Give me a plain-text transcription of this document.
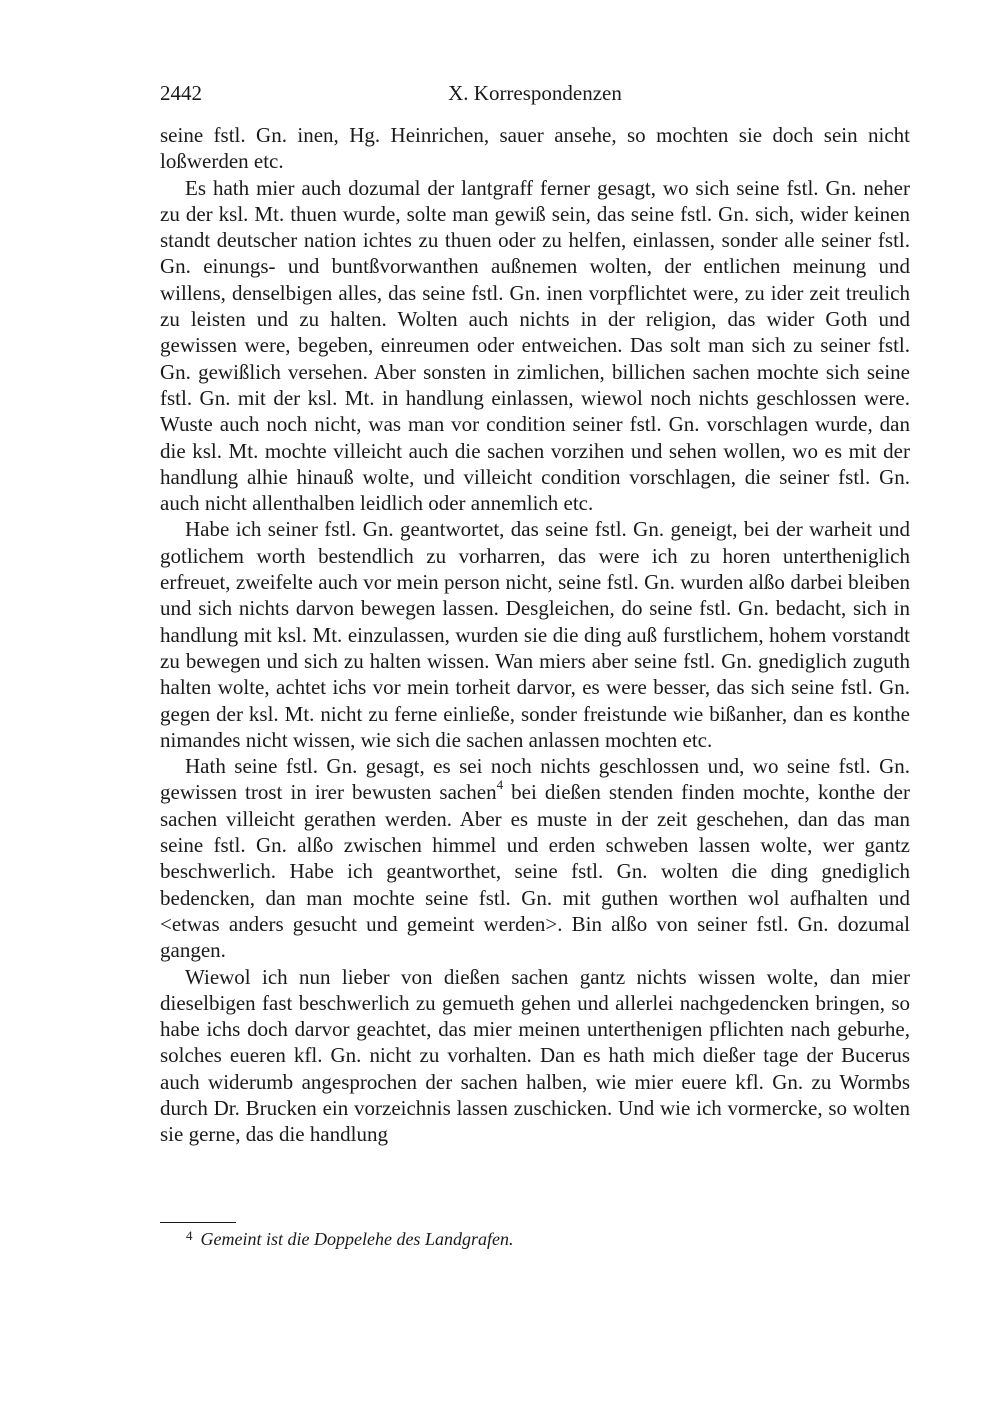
2442	X. Korrespondenzen

seine fstl. Gn. inen, Hg. Heinrichen, sauer ansehe, so mochten sie doch sein nicht loßwerden etc.

Es hath mier auch dozumal der lantgraff ferner gesagt, wo sich seine fstl. Gn. neher zu der ksl. Mt. thuen wurde, solte man gewiß sein, das seine fstl. Gn. sich, wider keinen standt deutscher nation ichtes zu thuen oder zu helfen, einlassen, sonder alle seiner fstl. Gn. einungs- und buntßvorwanthen außnemen wolten, der entlichen meinung und willens, denselbigen alles, das seine fstl. Gn. inen vorpflichtet were, zu ider zeit treulich zu leisten und zu halten. Wolten auch nichts in der religion, das wider Goth und gewissen were, begeben, einreumen oder entweichen. Das solt man sich zu seiner fstl. Gn. gewißlich versehen. Aber sonsten in zimlichen, billichen sachen mochte sich seine fstl. Gn. mit der ksl. Mt. in handlung einlassen, wiewol noch nichts geschlossen were. Wuste auch noch nicht, was man vor condition seiner fstl. Gn. vorschlagen wurde, dan die ksl. Mt. mochte villeicht auch die sachen vorzihen und sehen wollen, wo es mit der handlung alhie hinauß wolte, und villeicht condition vorschlagen, die seiner fstl. Gn. auch nicht allenthalben leidlich oder annemlich etc.

Habe ich seiner fstl. Gn. geantwortet, das seine fstl. Gn. geneigt, bei der warheit und gotlichem worth bestendlich zu vorharren, das were ich zu horen untertheniglich erfreuet, zweifelte auch vor mein person nicht, seine fstl. Gn. wurden alßo darbei bleiben und sich nichts darvon bewegen lassen. Desgleichen, do seine fstl. Gn. bedacht, sich in handlung mit ksl. Mt. einzulassen, wurden sie die ding auß furstlichem, hohem vorstandt zu bewegen und sich zu halten wissen. Wan miers aber seine fstl. Gn. gnediglich zuguth halten wolte, achtet ichs vor mein torheit darvor, es were besser, das sich seine fstl. Gn. gegen der ksl. Mt. nicht zu ferne einließe, sonder freistunde wie bißanher, dan es konthe nimandes nicht wissen, wie sich die sachen anlassen mochten etc.

Hath seine fstl. Gn. gesagt, es sei noch nichts geschlossen und, wo seine fstl. Gn. gewissen trost in irer bewusten sachen$^4$ bei dießen stenden finden mochte, konthe der sachen villeicht gerathen werden. Aber es muste in der zeit geschehen, dan das man seine fstl. Gn. alßo zwischen himmel und erden schweben lassen wolte, wer gantz beschwerlich. Habe ich geantworthet, seine fstl. Gn. wolten die ding gnediglich bedencken, dan man mochte seine fstl. Gn. mit guthen worthen wol aufhalten und <etwas anders gesucht und gemeint werden>. Bin alßo von seiner fstl. Gn. dozumal gangen.

Wiewol ich nun lieber von dießen sachen gantz nichts wissen wolte, dan mier dieselbigen fast beschwerlich zu gemueth gehen und allerlei nachgedencken bringen, so habe ichs doch darvor geachtet, das mier meinen unterthenigen pflichten nach geburhe, solches eueren kfl. Gn. nicht zu vorhalten. Dan es hath mich dießer tage der Bucerus auch widerumb angesprochen der sachen halben, wie mier euere kfl. Gn. zu Wormbs durch Dr. Brucken ein vorzeichnis lassen zuschicken. Und wie ich vormercke, so wolten sie gerne, das die handlung

$^4$ Gemeint ist die Doppelehe des Landgrafen.
